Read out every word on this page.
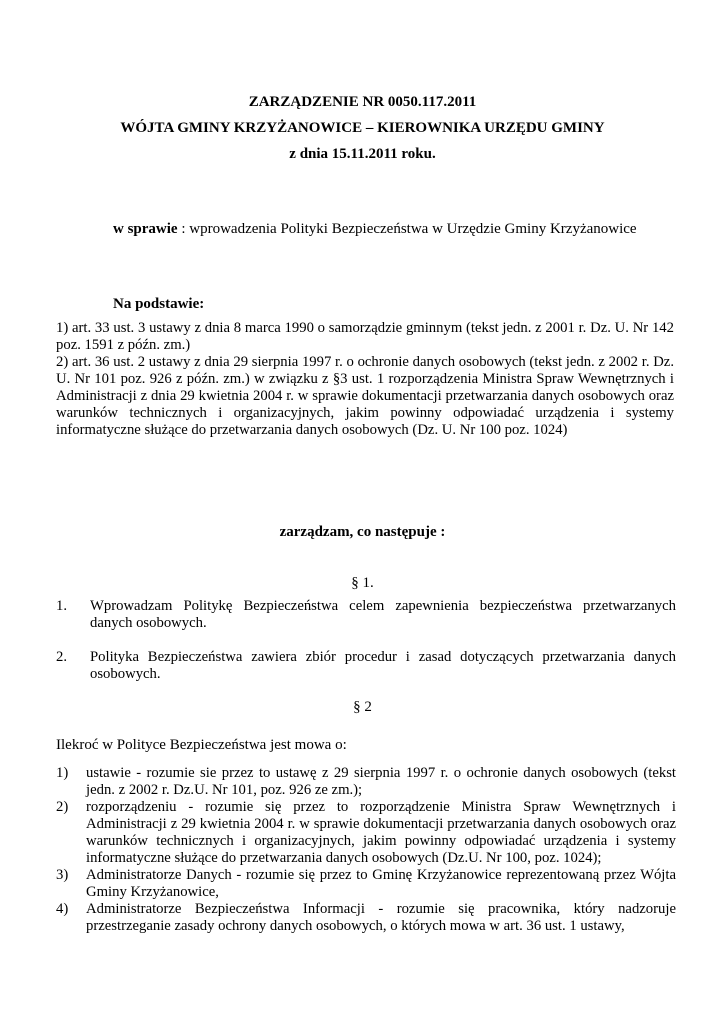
ZARZĄDZENIE NR 0050.117.2011
WÓJTA GMINY KRZYŻANOWICE – KIEROWNIKA URZĘDU GMINY
z dnia 15.11.2011 roku.
w sprawie : wprowadzenia Polityki Bezpieczeństwa w Urzędzie Gminy Krzyżanowice
Na podstawie:

1) art. 33 ust. 3 ustawy z dnia 8 marca 1990 o samorządzie gminnym (tekst jedn. z 2001 r. Dz. U. Nr 142 poz. 1591 z późn. zm.)

2) art. 36 ust. 2 ustawy z dnia 29 sierpnia 1997 r. o ochronie danych osobowych (tekst jedn. z 2002 r. Dz. U. Nr 101 poz. 926 z późn. zm.) w związku z §3 ust. 1 rozporządzenia Ministra Spraw Wewnętrznych i Administracji z dnia 29 kwietnia 2004 r. w sprawie dokumentacji przetwarzania danych osobowych oraz warunków technicznych i organizacyjnych, jakim powinny odpowiadać urządzenia i systemy informatyczne służące do przetwarzania danych osobowych (Dz. U. Nr 100 poz. 1024)

zarządzam, co następuje :
§ 1.
1.	Wprowadzam Politykę Bezpieczeństwa celem zapewnienia bezpieczeństwa przetwarzanych danych osobowych.
2.	Polityka Bezpieczeństwa zawiera zbiór procedur i zasad dotyczących przetwarzania danych osobowych.
§ 2
Ilekroć w Polityce Bezpieczeństwa jest mowa o:
1)	ustawie - rozumie sie przez to ustawę z 29 sierpnia 1997 r. o ochronie danych osobowych (tekst jedn. z 2002 r. Dz.U. Nr 101, poz. 926 ze zm.);
2)	rozporządzeniu - rozumie się przez to rozporządzenie Ministra Spraw Wewnętrznych i Administracji z 29 kwietnia 2004 r. w sprawie dokumentacji przetwarzania danych osobowych oraz warunków technicznych i organizacyjnych, jakim powinny odpowiadać urządzenia i systemy informatyczne służące do przetwarzania danych osobowych (Dz.U. Nr 100, poz. 1024);
3)	Administratorze Danych - rozumie się przez to Gminę Krzyżanowice reprezentowaną przez Wójta Gminy Krzyżanowice,
4)	Administratorze Bezpieczeństwa Informacji - rozumie się pracownika, który nadzoruje przestrzeganie zasady ochrony danych osobowych, o których mowa w art. 36 ust. 1 ustawy,
